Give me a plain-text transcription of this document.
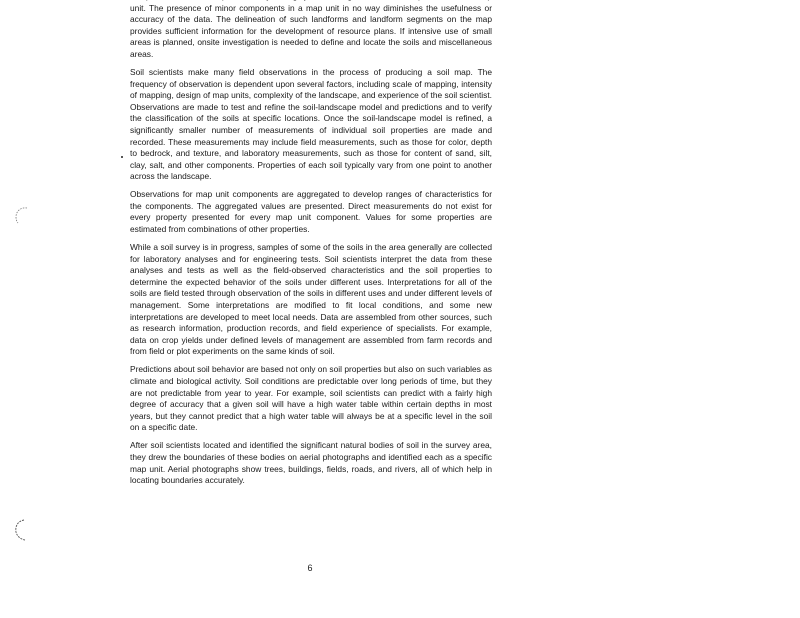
unit. The presence of minor components in a map unit in no way diminishes the usefulness or accuracy of the data. The delineation of such landforms and landform segments on the map provides sufficient information for the development of resource plans. If intensive use of small areas is planned, onsite investigation is needed to define and locate the soils and miscellaneous areas.

Soil scientists make many field observations in the process of producing a soil map. The frequency of observation is dependent upon several factors, including scale of mapping, intensity of mapping, design of map units, complexity of the landscape, and experience of the soil scientist. Observations are made to test and refine the soil-landscape model and predictions and to verify the classification of the soils at specific locations. Once the soil-landscape model is refined, a significantly smaller number of measurements of individual soil properties are made and recorded. These measurements may include field measurements, such as those for color, depth to bedrock, and texture, and laboratory measurements, such as those for content of sand, silt, clay, salt, and other components. Properties of each soil typically vary from one point to another across the landscape.

Observations for map unit components are aggregated to develop ranges of characteristics for the components. The aggregated values are presented. Direct measurements do not exist for every property presented for every map unit component. Values for some properties are estimated from combinations of other properties.

While a soil survey is in progress, samples of some of the soils in the area generally are collected for laboratory analyses and for engineering tests. Soil scientists interpret the data from these analyses and tests as well as the field-observed characteristics and the soil properties to determine the expected behavior of the soils under different uses. Interpretations for all of the soils are field tested through observation of the soils in different uses and under different levels of management. Some interpretations are modified to fit local conditions, and some new interpretations are developed to meet local needs. Data are assembled from other sources, such as research information, production records, and field experience of specialists. For example, data on crop yields under defined levels of management are assembled from farm records and from field or plot experiments on the same kinds of soil.

Predictions about soil behavior are based not only on soil properties but also on such variables as climate and biological activity. Soil conditions are predictable over long periods of time, but they are not predictable from year to year. For example, soil scientists can predict with a fairly high degree of accuracy that a given soil will have a high water table within certain depths in most years, but they cannot predict that a high water table will always be at a specific level in the soil on a specific date.

After soil scientists located and identified the significant natural bodies of soil in the survey area, they drew the boundaries of these bodies on aerial photographs and identified each as a specific map unit. Aerial photographs show trees, buildings, fields, roads, and rivers, all of which help in locating boundaries accurately.

6
